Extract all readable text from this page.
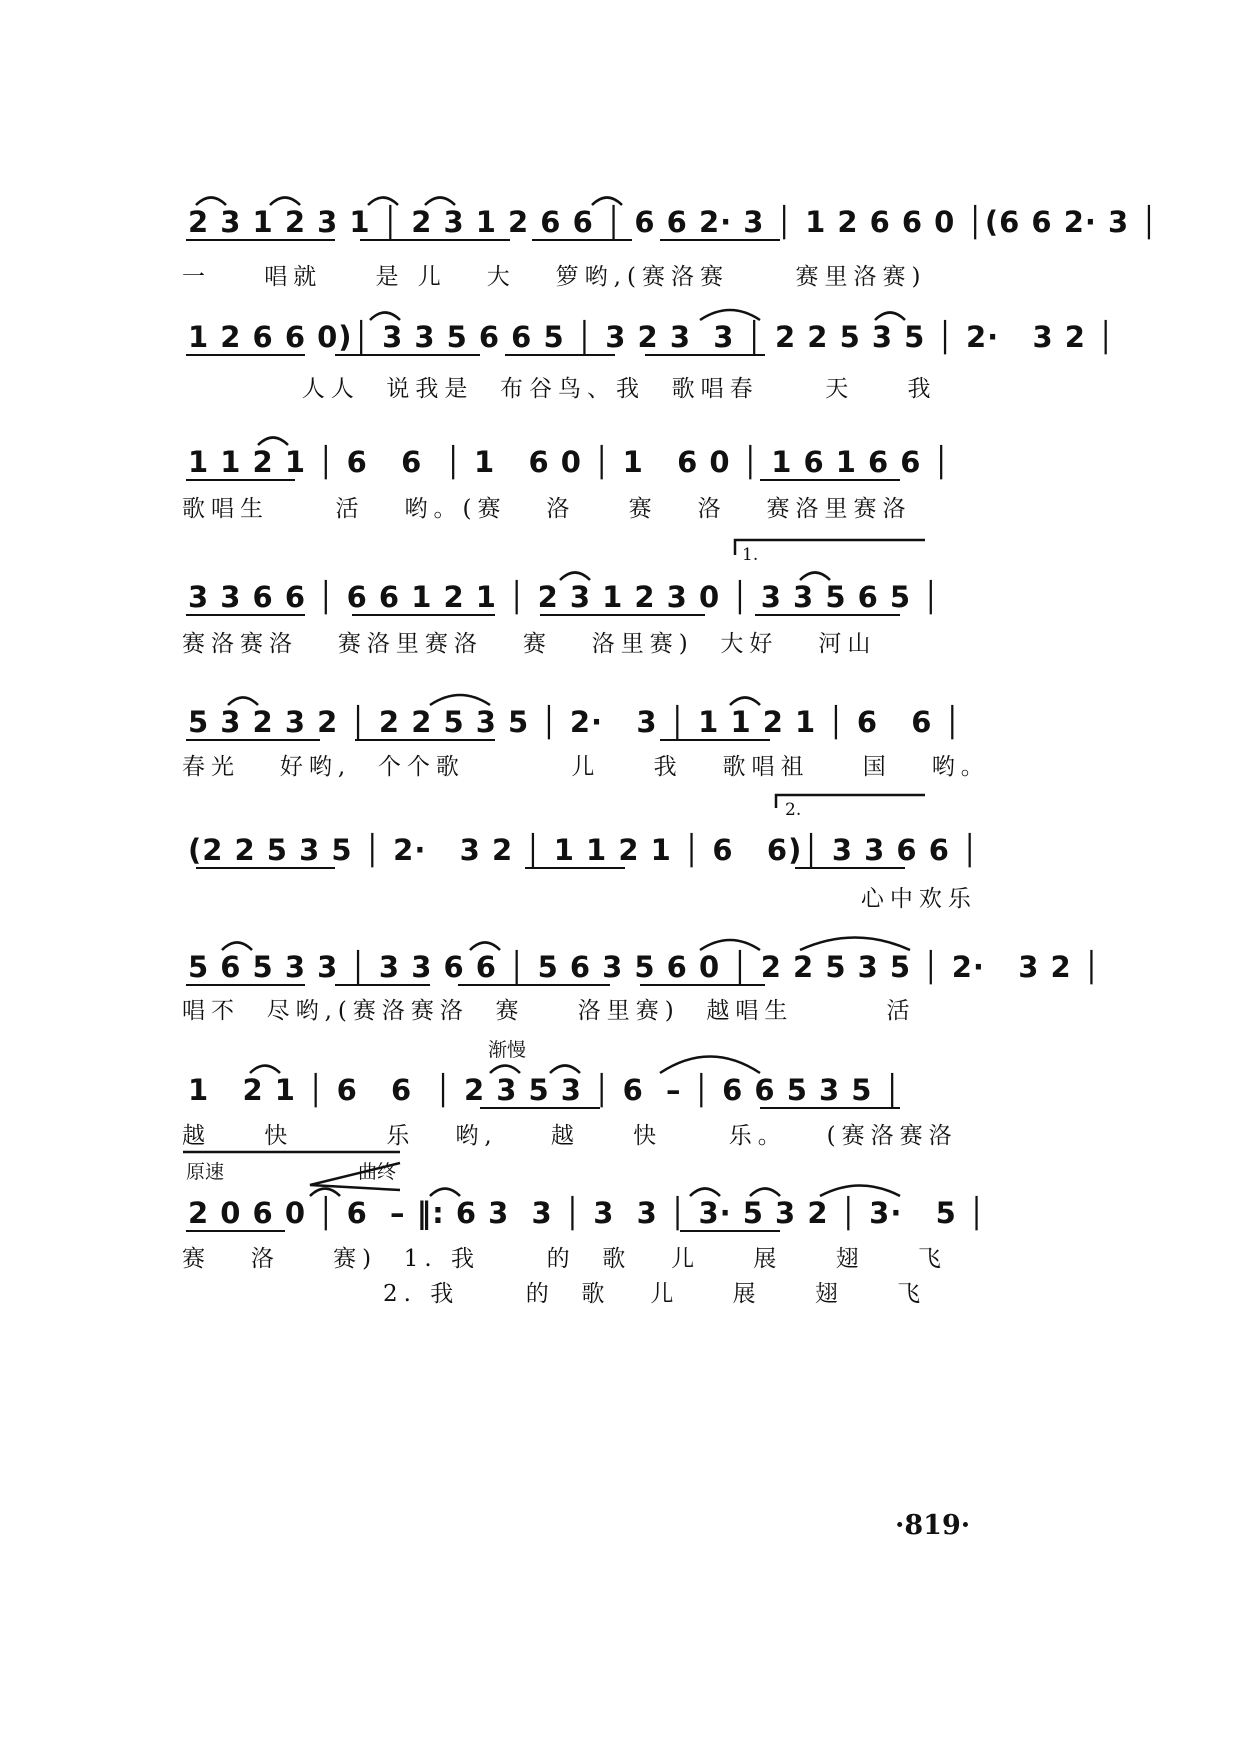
2 3 1 2 3 1 │ 2 3 1 2 6 6 │ 6 6 2· 3 │ 1 2 6 6 0 │(6 6 2· 3 │
一    唱就    是 儿   大   箩哟,(赛洛赛     赛里洛赛)
1 2 6 6 0)│ 3 3 5 6 6 5 │ 3 2 3  3 │ 2 2 5 3 5 │ 2·   3 2 │
人人  说我是  布谷鸟、我  歌唱春     天    我
1 1 2 1 │ 6   6  │ 1   6 0 │ 1   6 0 │ 1 6 1 6 6 │
歌唱生     活   哟。(赛   洛    赛   洛   赛洛里赛洛
1.
3 3 6 6 │ 6 6 1 2 1 │ 2 3 1 2 3 0 │ 3 3 5 6 5 │
赛洛赛洛   赛洛里赛洛   赛   洛里赛)  大好   河山
5 3 2 3 2 │ 2 2 5 3 5 │ 2·   3 │ 1 1 2 1 │ 6   6 │
春光   好哟,  个个歌        儿    我   歌唱祖    国   哟。
2.
(2 2 5 3 5 │ 2·   3 2 │ 1 1 2 1 │ 6   6)│ 3 3 6 6 │
心中欢乐
5 6 5 3 3 │ 3 3 6 6 │ 5 6 3 5 6 0 │ 2 2 5 3 5 │ 2·   3 2 │
唱不  尽哟,(赛洛赛洛  赛    洛里赛)  越唱生       活
渐慢
1   2 1 │ 6   6  │ 2 3 5 3 │ 6  – │ 6 6 5 3 5 │
越    快       乐   哟,    越    快     乐。   (赛洛赛洛
原速	曲终
2 0 6 0 │ 6  – ‖: 6 3  3 │ 3  3 │ 3· 5 3 2 │ 3·   5 │
赛   洛    赛)  1. 我     的  歌   儿    展    翅    飞
2. 我     的  歌   儿    展    翅    飞
·819·
